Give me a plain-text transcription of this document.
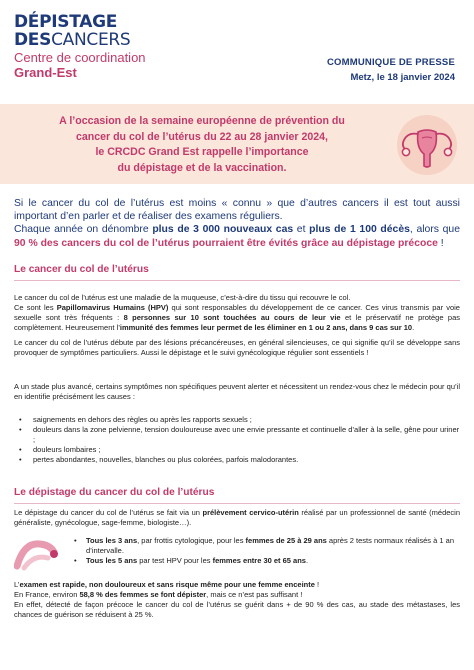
DÉPISTAGE
DESCANCERS
Centre de coordination
Grand-Est
COMMUNIQUE DE PRESSE
Metz, le 18 janvier 2024
A l’occasion de la semaine européenne de prévention du
cancer du col de l’utérus du 22 au 28 janvier 2024,
le CRCDC Grand Est rappelle l’importance
du dépistage et de la vaccination.
Si le cancer du col de l’utérus est moins « connu » que d’autres cancers il est tout aussi important d’en parler et de réaliser des examens réguliers.
Chaque année on dénombre plus de 3 000 nouveaux cas et plus de 1 100 décès, alors que 90 % des cancers du col de l’utérus pourraient être évités grâce au dépistage précoce !
Le cancer du col de l’utérus
Le cancer du col de l’utérus est une maladie de la muqueuse, c’est-à-dire du tissu qui recouvre le col.
Ce sont les Papillomavirus Humains (HPV) qui sont responsables du développement de ce cancer. Ces virus transmis par voie sexuelle sont très fréquents : 8 personnes sur 10 sont touchées au cours de leur vie et le préservatif ne protège pas complètement. Heureusement l’immunité des femmes leur permet de les éliminer en 1 ou 2 ans, dans 9 cas sur 10.
Le cancer du col de l’utérus débute par des lésions précancéreuses, en général silencieuses, ce qui signifie qu’il se développe sans provoquer de symptômes particuliers. Aussi le dépistage et le suivi gynécologique régulier sont essentiels !
A un stade plus avancé, certains symptômes non spécifiques peuvent alerter et nécessitent un rendez-vous chez le médecin pour qu’il en identifie précisément les causes :
• saignements en dehors des règles ou après les rapports sexuels ;
• douleurs dans la zone pelvienne, tension douloureuse avec une envie pressante et continuelle d’aller à la selle, gêne pour uriner ;
• douleurs lombaires ;
• pertes abondantes, nouvelles, blanches ou plus colorées, parfois malodorantes.
Le dépistage du cancer du col de l’utérus
Le dépistage du cancer du col de l’utérus se fait via un prélèvement cervico-utérin réalisé par un professionnel de santé (médecin généraliste, gynécologue, sage-femme, biologiste…).
• Tous les 3 ans, par frottis cytologique, pour les femmes de 25 à 29 ans après 2 tests normaux réalisés à 1 an d’intervalle.
• Tous les 5 ans par test HPV pour les femmes entre 30 et 65 ans.
L’examen est rapide, non douloureux et sans risque même pour une femme enceinte !
En France, environ 58,8 % des femmes se font dépister, mais ce n’est pas suffisant !
En effet, détecté de façon précoce le cancer du col de l’utérus se guérit dans + de 90 % des cas, au stade des métastases, les chances de guérison se réduisent à 25 %.
